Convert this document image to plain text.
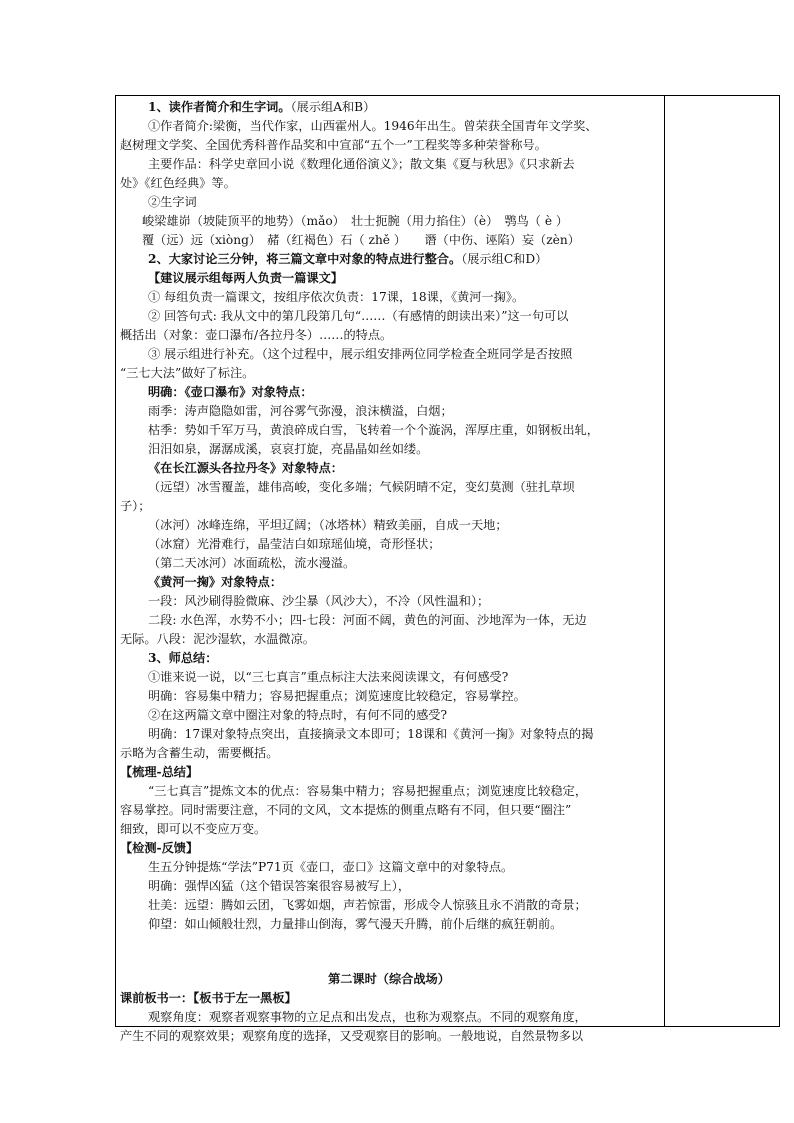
1、读作者简介和生字词。（展示组A和B）
①作者简介:梁衡，当代作家，山西霍州人。1946年出生。曾荣获全国青年文学奖、
赵树理文学奖、全国优秀科普作品奖和中宣部“五个一”工程奖等多种荣誉称号。
主要作品：科学史章回小说《数理化通俗演义》；散文集《夏与秋思》《只求新去
处》《红色经典》等。
②生字词
峻梁雄峁（坡陡顶平的地势）（mǎo）　壮士扼腕（用力掐住）（è）　鹗鸟（ è ）
覆（远）远（xiòng）　赭（红褐色）石（ zhě ）　　谮（中伤、诬陷）妄（zèn）
2、大家讨论三分钟，将三篇文章中对象的特点进行整合。（展示组C和D）
【建议展示组每两人负责一篇课文】
① 每组负责一篇课文，按组序依次负责：17课，18课，《黄河一掬》。
② 回答句式: 我从文中的第几段第几句“……（有感情的朗读出来）”这一句可以
概括出（对象：壶口瀑布/各拉丹冬）……的特点。
③ 展示组进行补充。（这个过程中，展示组安排两位同学检查全班同学是否按照
“三七大法”做好了标注。
明确：《壶口瀑布》对象特点：
雨季：涛声隐隐如雷，河谷雾气弥漫，浪沫横溢，白烟；
枯季：势如千军万马，黄浪碎成白雪，飞转着一个个漩涡，浑厚庄重，如钢板出轧，
汨汨如泉，潺潺成溪，哀哀打旋，亮晶晶如丝如缕。
《在长江源头各拉丹冬》对象特点：
（远望）冰雪覆盖，雄伟高峻，变化多端；气候阴晴不定，变幻莫测（驻扎草坝
子）；
（冰河）冰峰连绵，平坦辽阔；（冰塔林）精致美丽，自成一天地；
（冰窟）光滑难行，晶莹洁白如琼瑶仙境，奇形怪状；
（第二天冰河）冰面疏松，流水漫溢。
《黄河一掬》对象特点：
一段：风沙刷得脸微麻、沙尘暴（风沙大），不冷（风性温和）；
二段: 水色浑，水势不小；四-七段：河面不阔，黄色的河面、沙地浑为一体，无边
无际。八段：泥沙湿软，水温微凉。
3、师总结：
①谁来说一说，以“三七真言”重点标注大法来阅读课文，有何感受?
明确：容易集中精力；容易把握重点；浏览速度比较稳定，容易掌控。
②在这两篇文章中圈注对象的特点时，有何不同的感受?
明确：17课对象特点突出，直接摘录文本即可；18课和《黄河一掬》对象特点的揭
示略为含蓄生动，需要概括。
【梳理-总结】
“三七真言”提炼文本的优点：容易集中精力；容易把握重点；浏览速度比较稳定，
容易掌控。同时需要注意，不同的文风，文本提炼的侧重点略有不同，但只要“圈注”
细致，即可以不变应万变。
【检测-反馈】
生五分钟提炼“学法”P71页《壶口，壶口》这篇文章中的对象特点。
明确：强悍凶猛（这个错误答案很容易被写上），
壮美：远望：腾如云团，飞雾如烟，声若惊雷，形成令人惊骇且永不消散的奇景；
仰望：如山倾般壮烈，力量排山倒海，雾气漫天升腾，前仆后继的疯狂朝前。
第二课时（综合战场）
课前板书一：【板书于左一黑板】
观察角度：观察者观察事物的立足点和出发点，也称为观察点。不同的观察角度，
产生不同的观察效果；观察角度的选择，又受观察目的影响。一般地说，自然景物多以
